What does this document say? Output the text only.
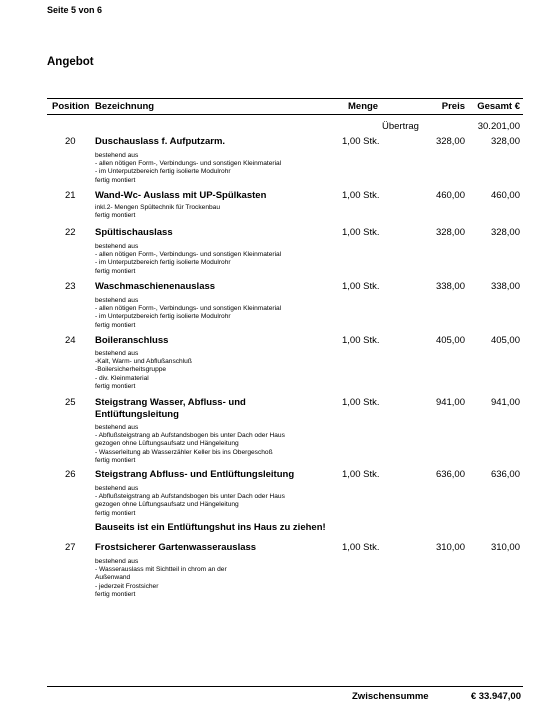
Seite 5 von 6
Angebot
Position Bezeichnung	Menge	Preis Gesamt €
Übertrag	30.201,00
20 Duschauslass f. Aufputzarm.
bestehend aus
- allen nötigen Form-, Verbindungs- und sonstigen Kleinmaterial
- im Unterputzbereich fertig isolierte Modulrohr
fertig montiert
1,00 Stk.	328,00	328,00
21 Wand-Wc- Auslass mit UP-Spülkasten
inkl.2- Mengen Spültechnik für Trockenbau
fertig montiert
1,00 Stk.	460,00	460,00
22 Spültischauslass
bestehend aus
- allen nötigen Form-, Verbindungs- und sonstigen Kleinmaterial
- im Unterputzbereich fertig isolierte Modulrohr
fertig montiert
1,00 Stk.	328,00	328,00
23 Waschmaschienenauslass
bestehend aus
- allen nötigen Form-, Verbindungs- und sonstigen Kleinmaterial
- im Unterputzbereich fertig isolierte Modulrohr
fertig montiert
1,00 Stk.	338,00	338,00
24 Boileranschluss
bestehend aus
-Kalt, Warm- und Abflußanschluß
-Boilersicherheitsgruppe
- div. Kleinmaterial
fertig montiert
1,00 Stk.	405,00	405,00
25 Steigstrang Wasser, Abfluss- und Entlüftungsleitung
bestehend aus
- Abflußsteigstrang ab Aufstandsbogen bis unter Dach oder Haus
gezogen ohne Lüftungsaufsatz und Hängeleitung
- Wasserleitung ab Wasserzähler Keller bis ins Obergeschoß
fertig montiert
1,00 Stk.	941,00	941,00
26 Steigstrang Abfluss- und Entlüftungsleitung
bestehend aus
- Abflußsteigstrang ab Aufstandsbogen bis unter Dach oder Haus
gezogen ohne Lüftungsaufsatz und Hängeleitung
fertig montiert
1,00 Stk.	636,00	636,00
Bauseits ist ein Entlüftungshut ins Haus zu ziehen!
27 Frostsicherer Gartenwasserauslass
bestehend aus
- Wasserauslass mit Sichtteil in chrom an der
Außenwand
- jederzeit Frostsicher
fertig montiert
1,00 Stk.	310,00	310,00
Zwischensumme	€ 33.947,00
